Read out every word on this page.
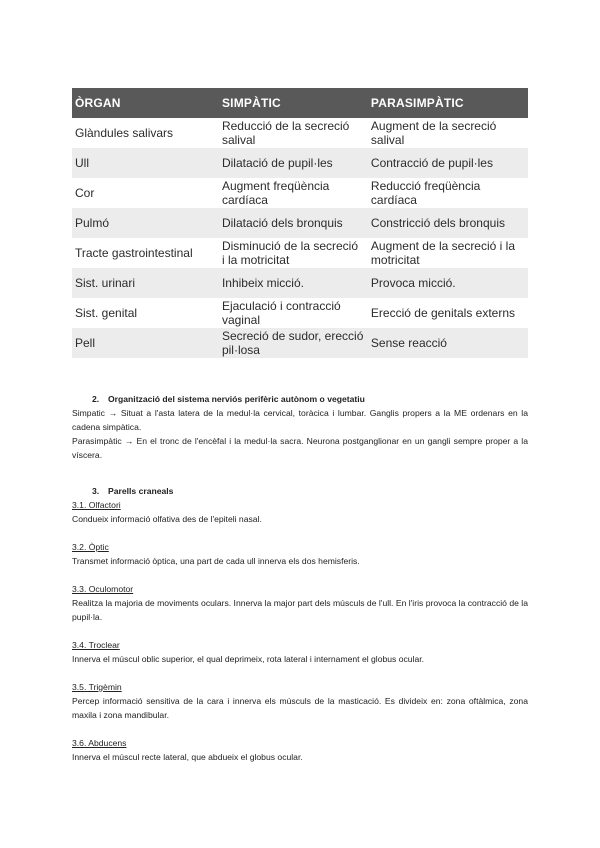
ÒRGAN	SIMPÀTIC	PARASIMPÀTIC
Glàndules salivars	Reducció de la secreció salival	Augment de la secreció salival
Ull	Dilatació de pupil·les	Contracció de pupil·les
Cor	Augment freqüència cardíaca	Reducció freqüència cardíaca
Pulmó	Dilatació dels bronquis	Constricció dels bronquis
Tracte gastrointestinal	Disminució de la secreció i la motricitat	Augment de la secreció i la motricitat
Sist. urinari	Inhibeix micció.	Provoca micció.
Sist. genital	Ejaculació i contracció vaginal	Erecció de genitals externs
Pell	Secreció de sudor, erecció pil·losa	Sense reacció

2. Organització del sistema nerviós perifèric autònom o vegetatiu

Simpatic → Situat a l'asta latera de la medul·la cervical, toràcica i lumbar. Ganglis propers a la ME ordenars en la cadena simpàtica.

Parasimpàtic → En el tronc de l'encèfal i la medul·la sacra. Neurona postganglionar en un gangli sempre proper a la víscera.

3. Parells craneals

3.1. Olfactori

Condueix informació olfativa des de l'epiteli nasal.

3.2. Òptic

Transmet informació òptica, una part de cada ull innerva els dos hemisferis.

3.3. Oculomotor

Realitza la majoria de moviments oculars. Innerva la major part dels músculs de l'ull. En l'iris provoca la contracció de la pupil·la.

3.4. Troclear

Innerva el múscul oblic superior, el qual deprimeix, rota lateral i internament el globus ocular.

3.5. Trigèmin

Percep informació sensitiva de la cara i innerva els músculs de la masticació. Es divideix en: zona oftàlmica, zona maxila i zona mandibular.

3.6. Abducens

Innerva el múscul recte lateral, que abdueix el globus ocular.
